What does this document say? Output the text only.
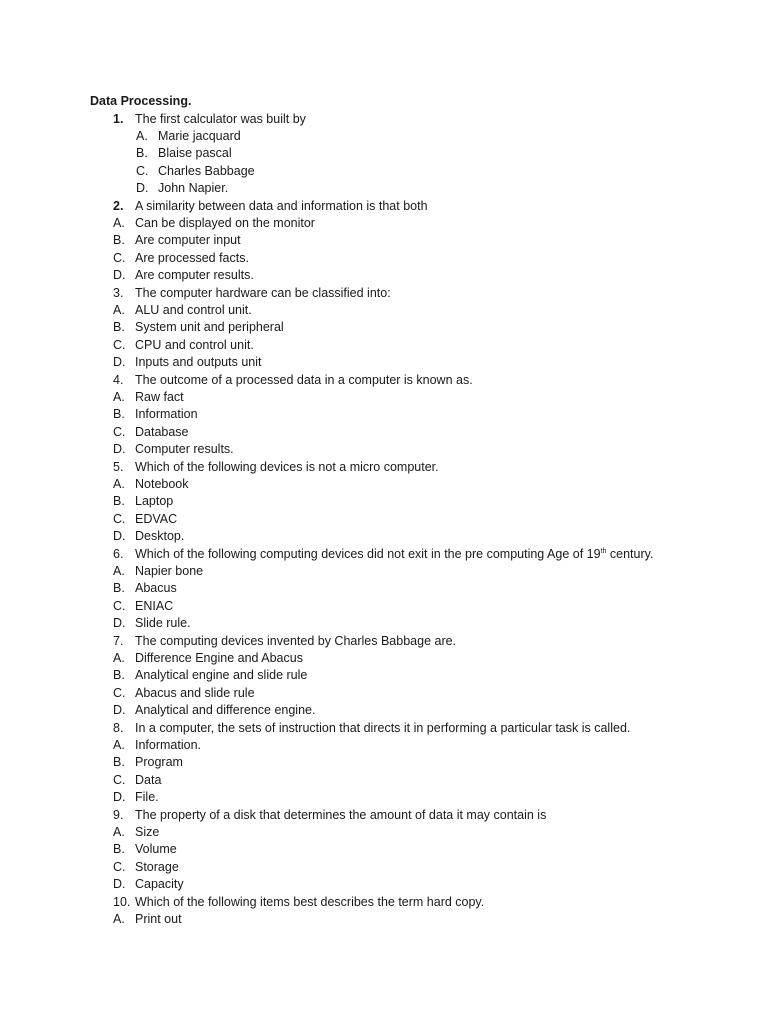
Data Processing.
1. The first calculator was built by
A. Marie jacquard
B. Blaise pascal
C. Charles Babbage
D. John Napier.
2. A similarity between data and information is that both
A. Can be displayed on the monitor
B. Are computer input
C. Are processed facts.
D. Are computer results.
3. The computer hardware can be classified into:
A. ALU and control unit.
B. System unit and peripheral
C. CPU and control unit.
D. Inputs and outputs unit
4. The outcome of a processed data in a computer is known as.
A. Raw fact
B. Information
C. Database
D. Computer results.
5. Which of the following devices is not a micro computer.
A. Notebook
B. Laptop
C. EDVAC
D. Desktop.
6. Which of the following computing devices did not exit in the pre computing Age of 19th century.
A. Napier bone
B. Abacus
C. ENIAC
D. Slide rule.
7. The computing devices invented by Charles Babbage are.
A. Difference Engine and Abacus
B. Analytical engine and slide rule
C. Abacus and slide rule
D. Analytical and difference engine.
8. In a computer, the sets of instruction that directs it in performing a particular task is called.
A. Information.
B. Program
C. Data
D. File.
9. The property of a disk that determines the amount of data it may contain is
A. Size
B. Volume
C. Storage
D. Capacity
10. Which of the following items best describes the term hard copy.
A. Print out
